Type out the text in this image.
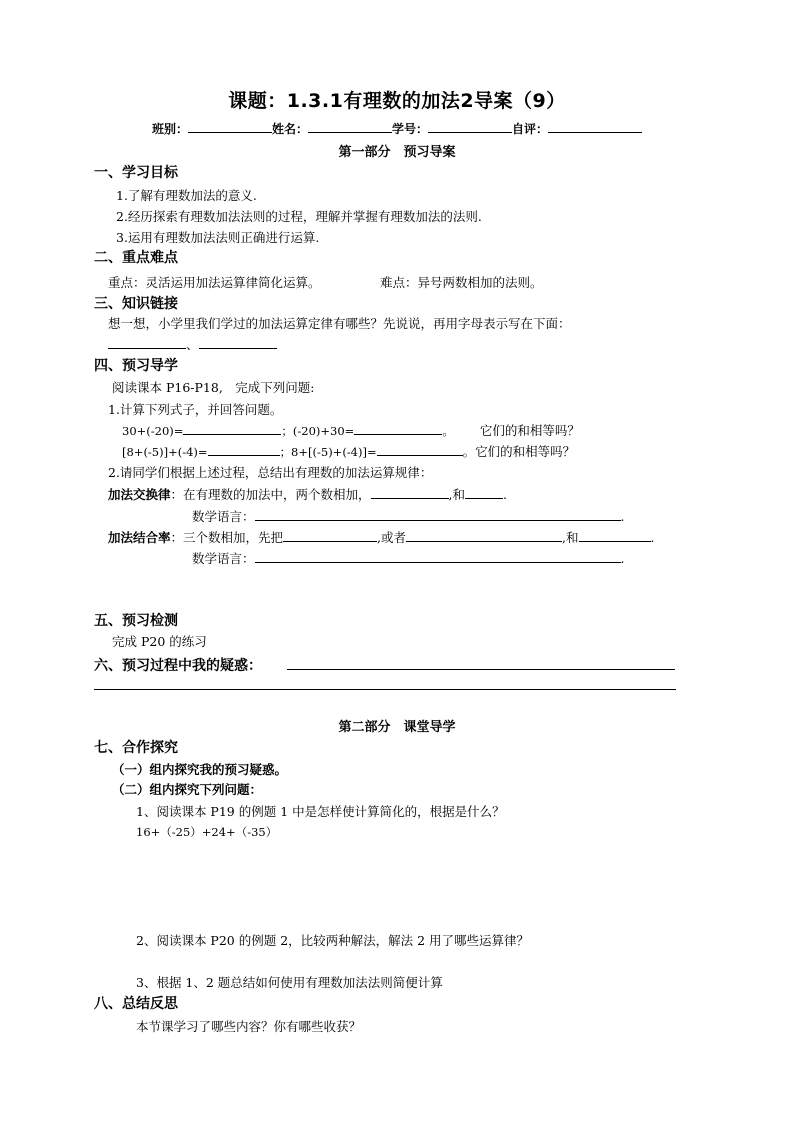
课题：1.3.1有理数的加法2导案（9）
班别：	姓名：	学号：	自评：
第一部分　预习导案
一、学习目标
1.了解有理数加法的意义.
2.经历探索有理数加法法则的过程，理解并掌握有理数加法的法则.
3.运用有理数加法法则正确进行运算.
二、重点难点
重点：灵活运用加法运算律简化运算。	难点：异号两数相加的法则。
三、知识链接
想一想，小学里我们学过的加法运算定律有哪些？先说说，再用字母表示写在下面：
、
四、预习导学
阅读课本 P16-P18,　完成下列问题:
1.计算下列式子，并回答问题。
30+(-20)=	；(-20)+30=	。 它们的和相等吗？
[8+(-5)]+(-4)=	；8+[(-5)+(-4)]=	。它们的和相等吗？
2.请同学们根据上述过程，总结出有理数的加法运算规律：
加法交换律：在有理数的加法中，两个数相加，	,和	.
数学语言：	.
加法结合率：三个数相加，先把	,或者	,和	.
数学语言：	.
五、预习检测
完成 P20 的练习
六、预习过程中我的疑惑：
第二部分　课堂导学
七、合作探究
（一）组内探究我的预习疑惑。
（二）组内探究下列问题：
1、阅读课本 P19 的例题 1 中是怎样使计算简化的，根据是什么？
16+（-25）+24+（-35）
2、阅读课本 P20 的例题 2，比较两种解法，解法 2 用了哪些运算律？
3、根据 1、2 题总结如何使用有理数加法法则简便计算
八、总结反思
本节课学习了哪些内容？你有哪些收获？
